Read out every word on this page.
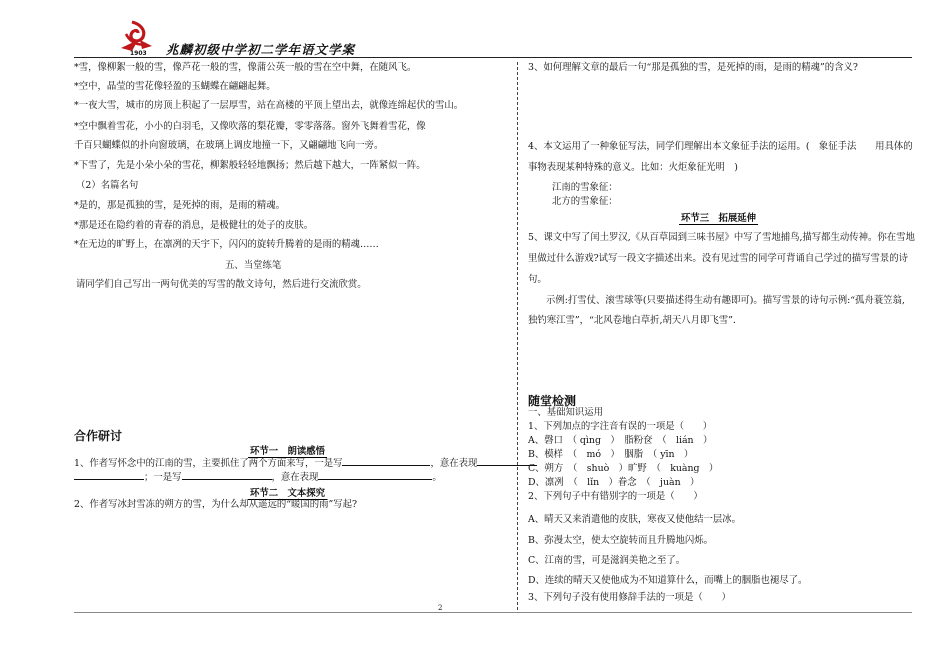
1903 兆麟初级中学初二学年语文学案
*雪，像柳絮一般的雪，像芦花一般的雪，像蒲公英一般的雪在空中舞，在随风飞。
*空中，晶莹的雪花像轻盈的玉蝴蝶在翩翩起舞。
*一夜大雪，城市的房顶上积起了一层厚雪，站在高楼的平顶上望出去，就像连绵起伏的雪山。
*空中飘着雪花，小小的白羽毛，又像吹落的梨花瓣，零零落落。窗外飞舞着雪花，像
千百只蝴蝶似的扑向窗玻璃，在玻璃上调皮地撞一下，又翩翩地飞向一旁。
*下雪了，先是小朵小朵的雪花，柳絮般轻轻地飘扬；然后越下越大，一阵紧似一阵。
（2）名篇名句
*是的，那是孤独的雪，是死掉的雨，是雨的精魂。
*那是还在隐约着的青春的消息，是极健壮的处子的皮肤。
*在无边的旷野上，在凛冽的天宇下，闪闪的旋转升腾着的是雨的精魂……
五、当堂练笔
请同学们自己写出一两句优美的写雪的散文诗句，然后进行交流欣赏。
合作研讨
环节一　朗读感悟
1、作者写怀念中的江南的雪，主要抓住了两个方面来写，一是写	，意在表现
；一是写	，意在表现	。
环节二　文本探究
2、作者写冰封雪冻的朔方的雪，为什么却从遥远的“暖国的雨”写起?
3、如何理解文章的最后一句“那是孤独的雪，是死掉的雨，是雨的精魂”的含义?
4、本文运用了一种象征写法，同学们理解出本文象征手法的运用。(　象征手法　　用具体的
事物表现某种特殊的意义。比如：火炬象征光明　)
江南的雪象征：
北方的雪象征：
环节三　拓展延伸
5、课文中写了闰土罗汉,《从百草园到三味书屋》中写了雪地捕鸟,描写都生动传神。你在雪地
里做过什么游戏?试写一段文字描述出来。没有见过雪的同学可背诵自己学过的描写雪景的诗
句。
示例:打雪仗、滚雪球等(只要描述得生动有趣即可)。描写雪景的诗句示例:“孤舟蓑笠翁,
独钓寒江雪”，“北风卷地白草折,胡天八月即飞雪”．
随堂检测
一、基础知识运用
1、下列加点的字注音有误的一项是（　　）
A、磬口　（ qìng　）　脂粉奁　（　lián　）
B、模样　（　mó　）　胭脂　（ yīn　）
C、朔方　（　shuò　）旷野　（　kuàng　）
D、凛冽　（　lǐn　）眷念　（　juàn　）
2、下列句子中有错别字的一项是（　　）
A、晴天又来消遣他的皮肤，寒夜又使他结一层冰。
B、弥漫太空，使太空旋转而且升腾地闪烁。
C、江南的雪，可是滋润美艳之至了。
D、连续的晴天又使他成为不知道算什么，而嘴上的胭脂也褪尽了。
3、下列句子没有使用修辞手法的一项是（　　）
2
